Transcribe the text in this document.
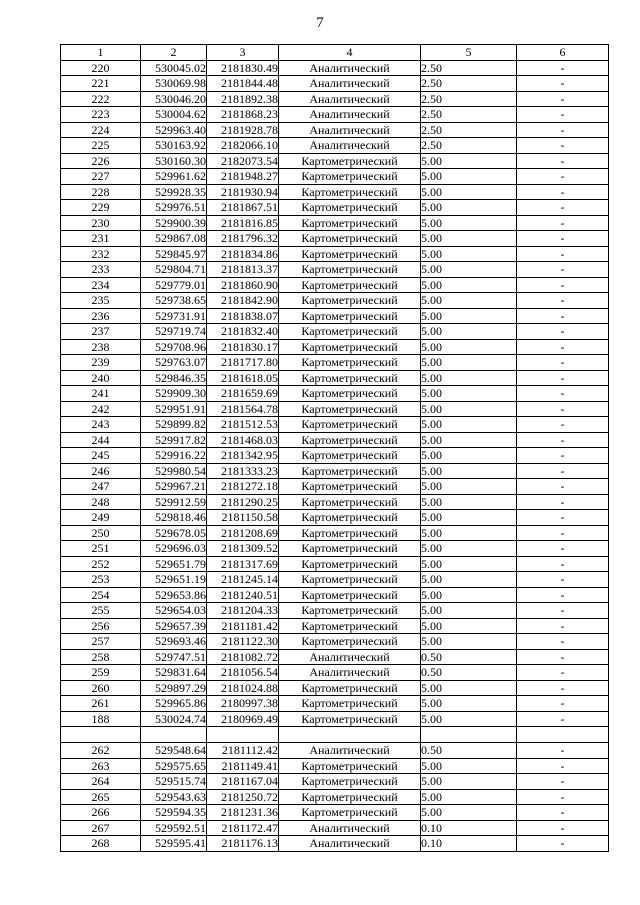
7
1	2	3	4	5	6
220	530045.02	2181830.49	Аналитический	2.50	-
221	530069.98	2181844.48	Аналитический	2.50	-
222	530046.20	2181892.38	Аналитический	2.50	-
223	530004.62	2181868.23	Аналитический	2.50	-
224	529963.40	2181928.78	Аналитический	2.50	-
225	530163.92	2182066.10	Аналитический	2.50	-
226	530160.30	2182073.54	Картометрический	5.00	-
227	529961.62	2181948.27	Картометрический	5.00	-
228	529928.35	2181930.94	Картометрический	5.00	-
229	529976.51	2181867.51	Картометрический	5.00	-
230	529900.39	2181816.85	Картометрический	5.00	-
231	529867.08	2181796.32	Картометрический	5.00	-
232	529845.97	2181834.86	Картометрический	5.00	-
233	529804.71	2181813.37	Картометрический	5.00	-
234	529779.01	2181860.90	Картометрический	5.00	-
235	529738.65	2181842.90	Картометрический	5.00	-
236	529731.91	2181838.07	Картометрический	5.00	-
237	529719.74	2181832.40	Картометрический	5.00	-
238	529708.96	2181830.17	Картометрический	5.00	-
239	529763.07	2181717.80	Картометрический	5.00	-
240	529846.35	2181618.05	Картометрический	5.00	-
241	529909.30	2181659.69	Картометрический	5.00	-
242	529951.91	2181564.78	Картометрический	5.00	-
243	529899.82	2181512.53	Картометрический	5.00	-
244	529917.82	2181468.03	Картометрический	5.00	-
245	529916.22	2181342.95	Картометрический	5.00	-
246	529980.54	2181333.23	Картометрический	5.00	-
247	529967.21	2181272.18	Картометрический	5.00	-
248	529912.59	2181290.25	Картометрический	5.00	-
249	529818.46	2181150.58	Картометрический	5.00	-
250	529678.05	2181208.69	Картометрический	5.00	-
251	529696.03	2181309.52	Картометрический	5.00	-
252	529651.79	2181317.69	Картометрический	5.00	-
253	529651.19	2181245.14	Картометрический	5.00	-
254	529653.86	2181240.51	Картометрический	5.00	-
255	529654.03	2181204.33	Картометрический	5.00	-
256	529657.39	2181181.42	Картометрический	5.00	-
257	529693.46	2181122.30	Картометрический	5.00	-
258	529747.51	2181082.72	Аналитический	0.50	-
259	529831.64	2181056.54	Аналитический	0.50	-
260	529897.29	2181024.88	Картометрический	5.00	-
261	529965.86	2180997.38	Картометрический	5.00	-
188	530024.74	2180969.49	Картометрический	5.00	-

262	529548.64	2181112.42	Аналитический	0.50	-
263	529575.65	2181149.41	Картометрический	5.00	-
264	529515.74	2181167.04	Картометрический	5.00	-
265	529543.63	2181250.72	Картометрический	5.00	-
266	529594.35	2181231.36	Картометрический	5.00	-
267	529592.51	2181172.47	Аналитический	0.10	-
268	529595.41	2181176.13	Аналитический	0.10	-
